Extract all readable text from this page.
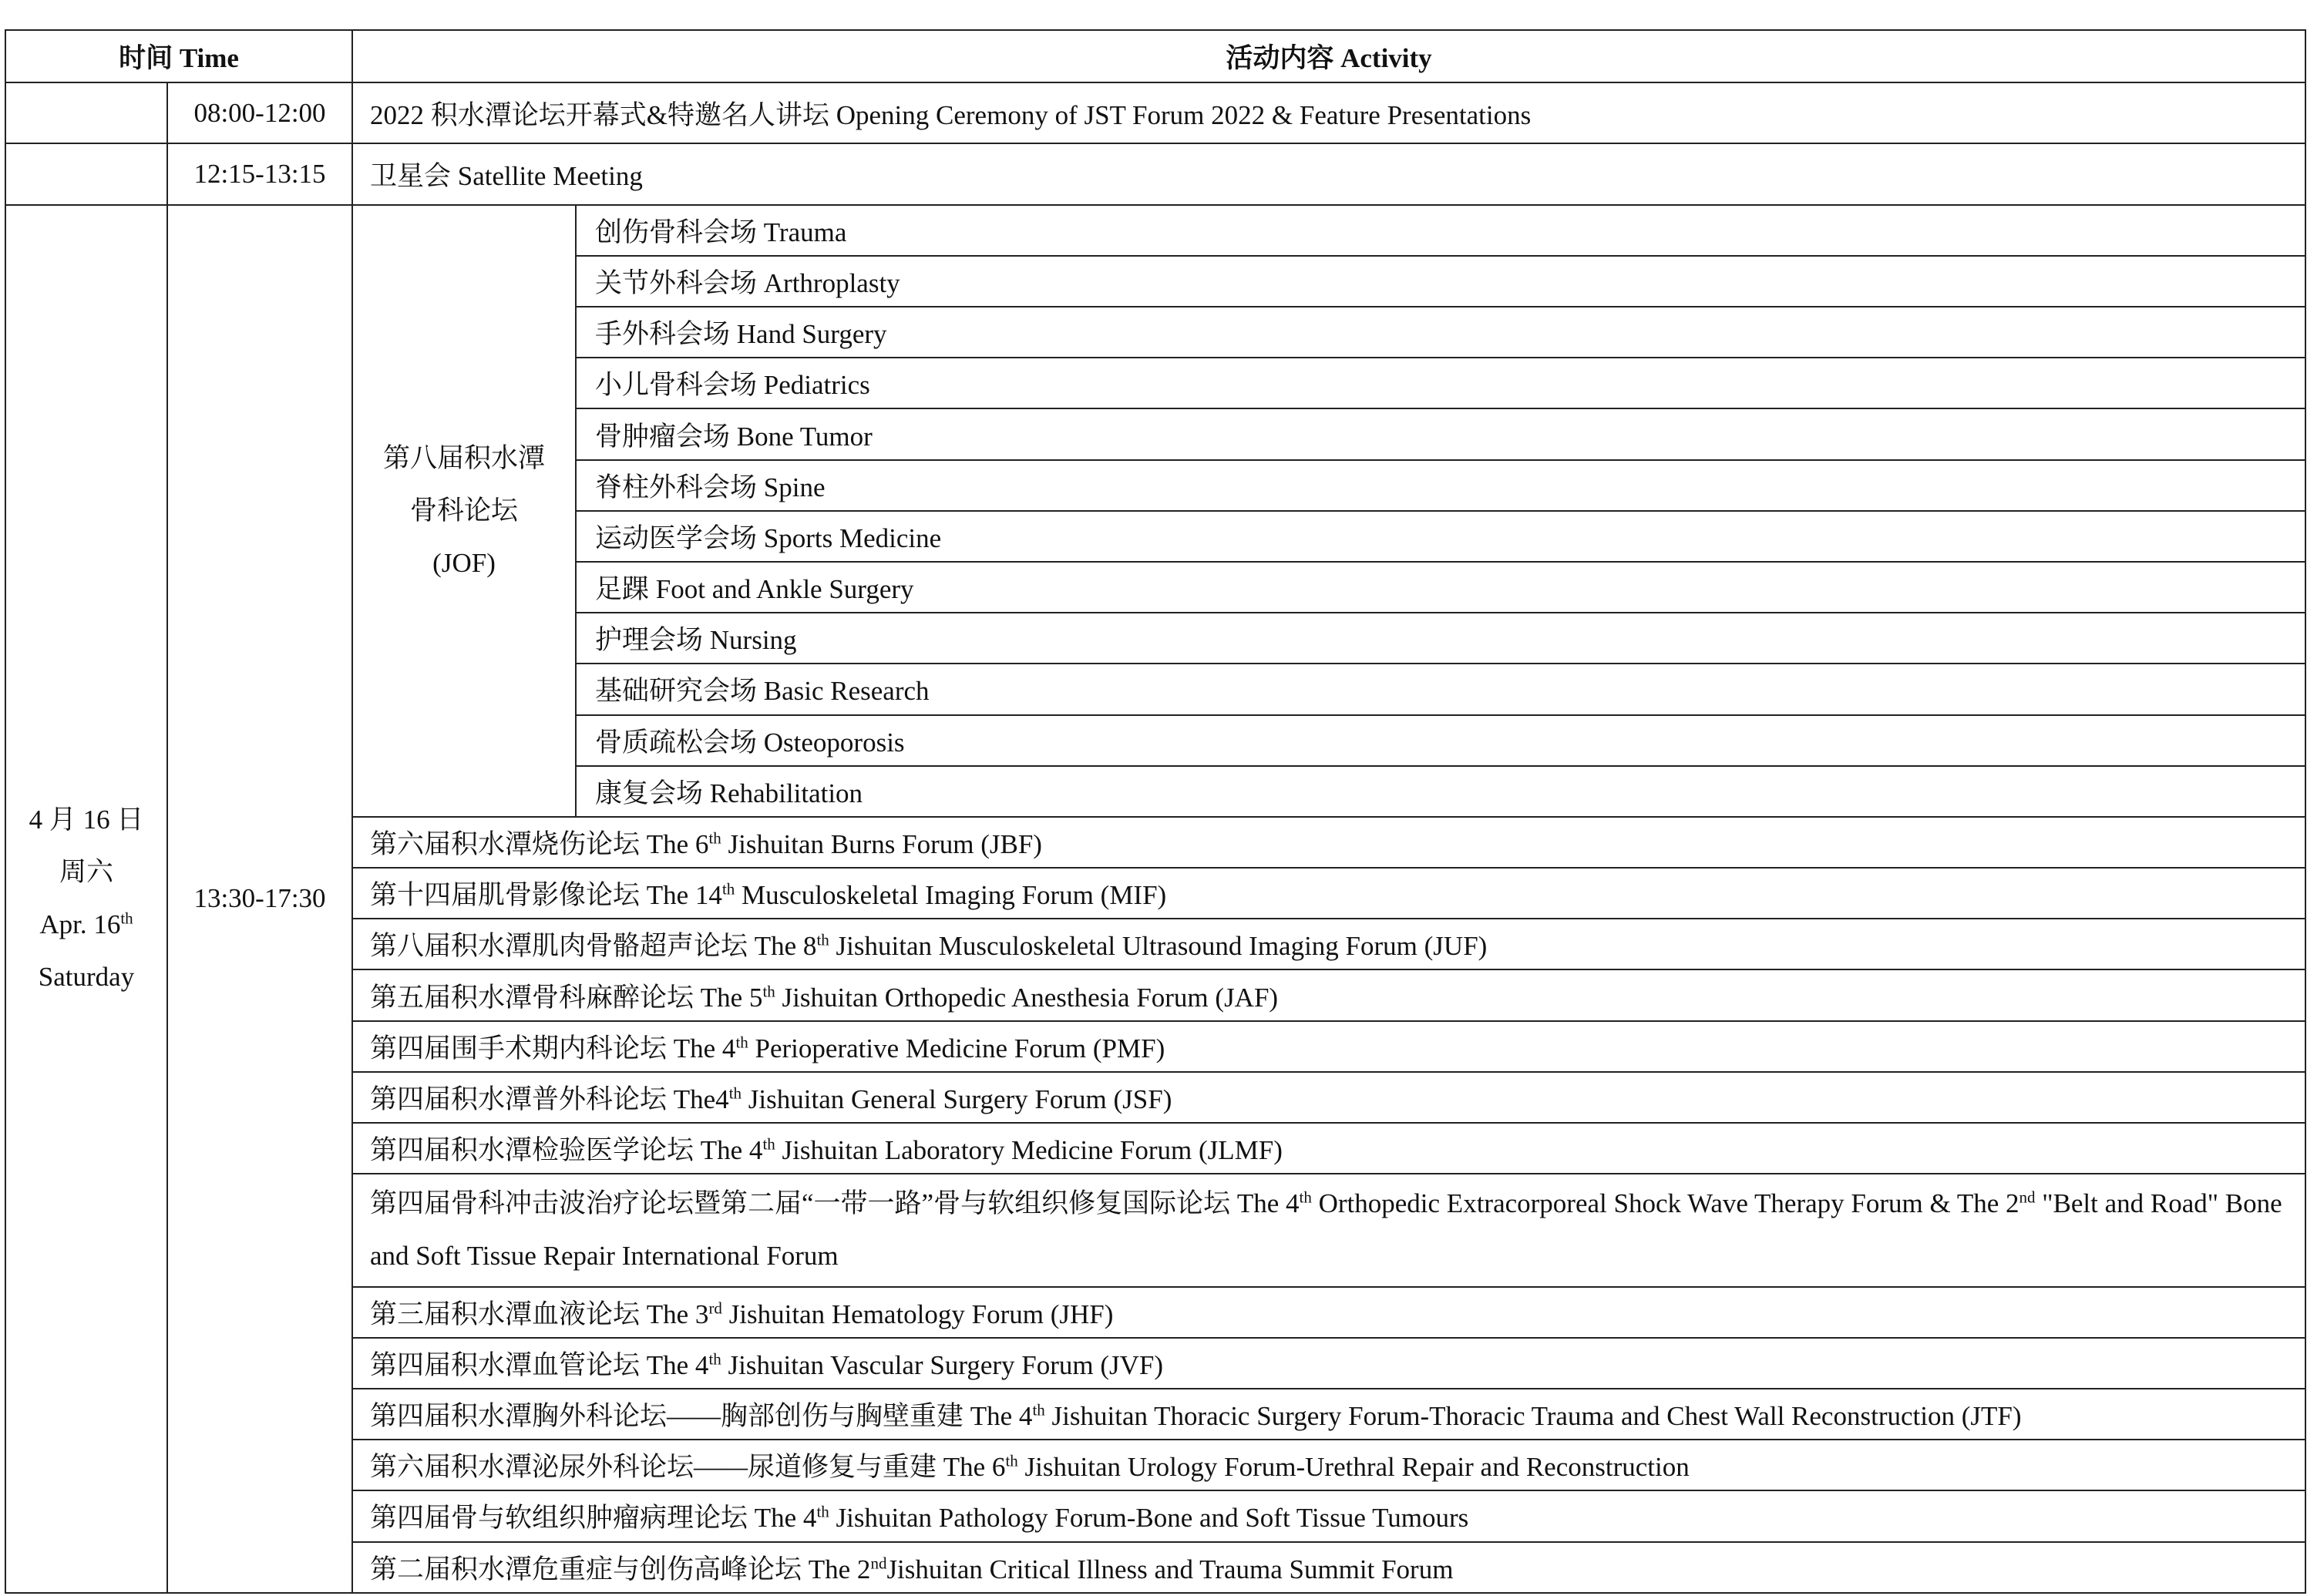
时间 Time		活动内容 Activity	
	08:00-12:00	2022 积水潭论坛开幕式&特邀名人讲坛 Opening Ceremony of JST Forum 2022 & Feature Presentations	
	12:15-13:15	卫星会 Satellite Meeting	

4 月 16 日
周六
Apr. 16th
Saturday	13:30-17:30	第八届积水潭
骨科论坛
(JOF)	创伤骨科会场 Trauma
			关节外科会场 Arthroplasty
			手外科会场 Hand Surgery
			小儿骨科会场 Pediatrics
			骨肿瘤会场 Bone Tumor
			脊柱外科会场 Spine
			运动医学会场 Sports Medicine
			足踝 Foot and Ankle Surgery
			护理会场 Nursing
			基础研究会场 Basic Research
			骨质疏松会场 Osteoporosis
			康复会场 Rehabilitation
		第六届积水潭烧伤论坛 The 6th Jishuitan Burns Forum (JBF)	
		第十四届肌骨影像论坛 The 14th Musculoskeletal Imaging Forum (MIF)	
		第八届积水潭肌肉骨骼超声论坛 The 8th Jishuitan Musculoskeletal Ultrasound Imaging Forum (JUF)	
		第五届积水潭骨科麻醉论坛 The 5th Jishuitan Orthopedic Anesthesia Forum (JAF)	
		第四届围手术期内科论坛 The 4th Perioperative Medicine Forum (PMF)	
		第四届积水潭普外科论坛 The4th Jishuitan General Surgery Forum (JSF)	
		第四届积水潭检验医学论坛 The 4th Jishuitan Laboratory Medicine Forum (JLMF)	
		第四届骨科冲击波治疗论坛暨第二届“一带一路”骨与软组织修复国际论坛 The 4th Orthopedic Extracorporeal Shock Wave Therapy Forum & The 2nd "Belt and Road" Bone and Soft Tissue Repair International Forum	
		第三届积水潭血液论坛 The 3rd Jishuitan Hematology Forum (JHF)	
		第四届积水潭血管论坛 The 4th Jishuitan Vascular Surgery Forum (JVF)	
		第四届积水潭胸外科论坛——胸部创伤与胸壁重建 The 4th Jishuitan Thoracic Surgery Forum-Thoracic Trauma and Chest Wall Reconstruction (JTF)	
		第六届积水潭泌尿外科论坛——尿道修复与重建 The 6th Jishuitan Urology Forum-Urethral Repair and Reconstruction	
		第四届骨与软组织肿瘤病理论坛 The 4th Jishuitan Pathology Forum-Bone and Soft Tissue Tumours	
		第二届积水潭危重症与创伤高峰论坛 The 2ndJishuitan Critical Illness and Trauma Summit Forum	
